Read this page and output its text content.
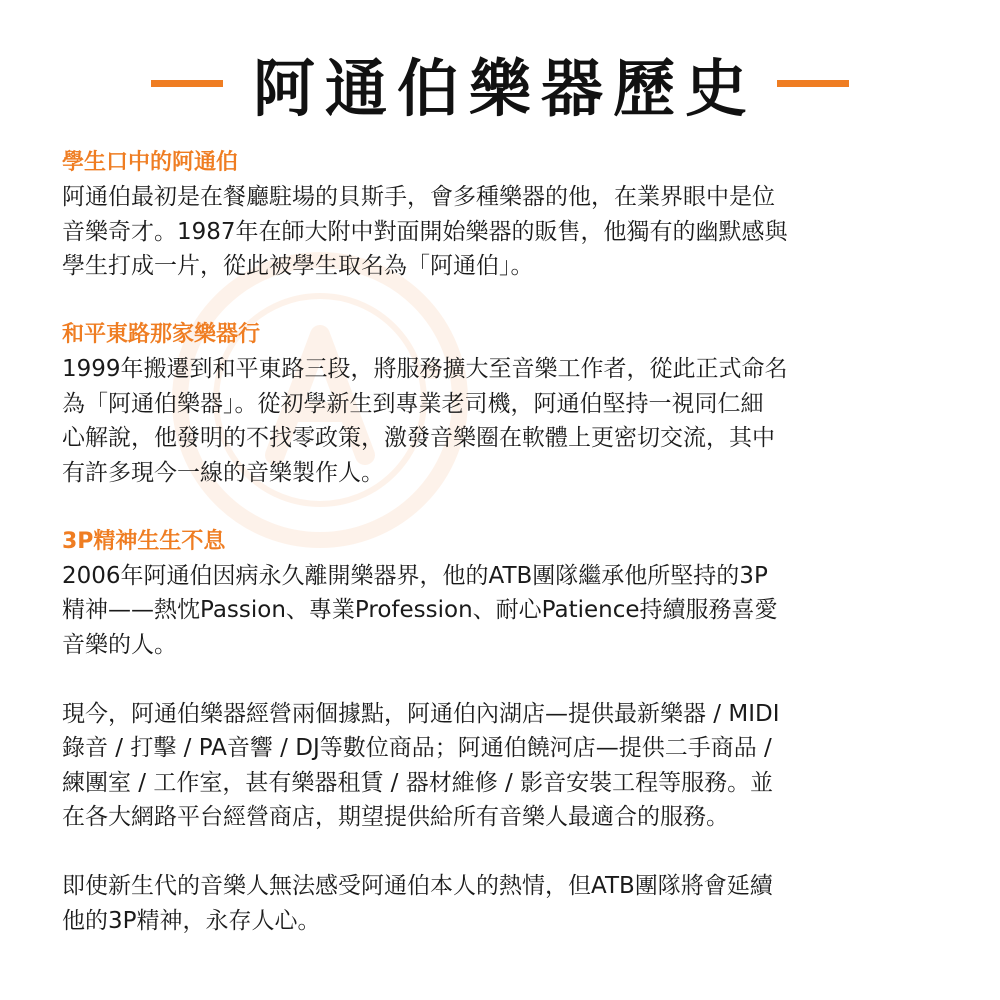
阿通伯樂器歷史
學生口中的阿通伯
阿通伯最初是在餐廳駐場的貝斯手，會多種樂器的他，在業界眼中是位
音樂奇才。1987年在師大附中對面開始樂器的販售，他獨有的幽默感與
學生打成一片，從此被學生取名為「阿通伯」。
和平東路那家樂器行
1999年搬遷到和平東路三段，將服務擴大至音樂工作者，從此正式命名
為「阿通伯樂器」。從初學新生到專業老司機，阿通伯堅持一視同仁細
心解說，他發明的不找零政策，激發音樂圈在軟體上更密切交流，其中
有許多現今一線的音樂製作人。
3P精神生生不息
2006年阿通伯因病永久離開樂器界，他的ATB團隊繼承他所堅持的3P
精神——熱忱Passion、專業Profession、耐心Patience持續服務喜愛
音樂的人。
現今，阿通伯樂器經營兩個據點，阿通伯內湖店—提供最新樂器 / MIDI
錄音 / 打擊 / PA音響 / DJ等數位商品；阿通伯饒河店—提供二手商品 /
練團室 / 工作室，甚有樂器租賃 / 器材維修 / 影音安裝工程等服務。並
在各大網路平台經營商店，期望提供給所有音樂人最適合的服務。
即使新生代的音樂人無法感受阿通伯本人的熱情，但ATB團隊將會延續
他的3P精神，永存人心。
